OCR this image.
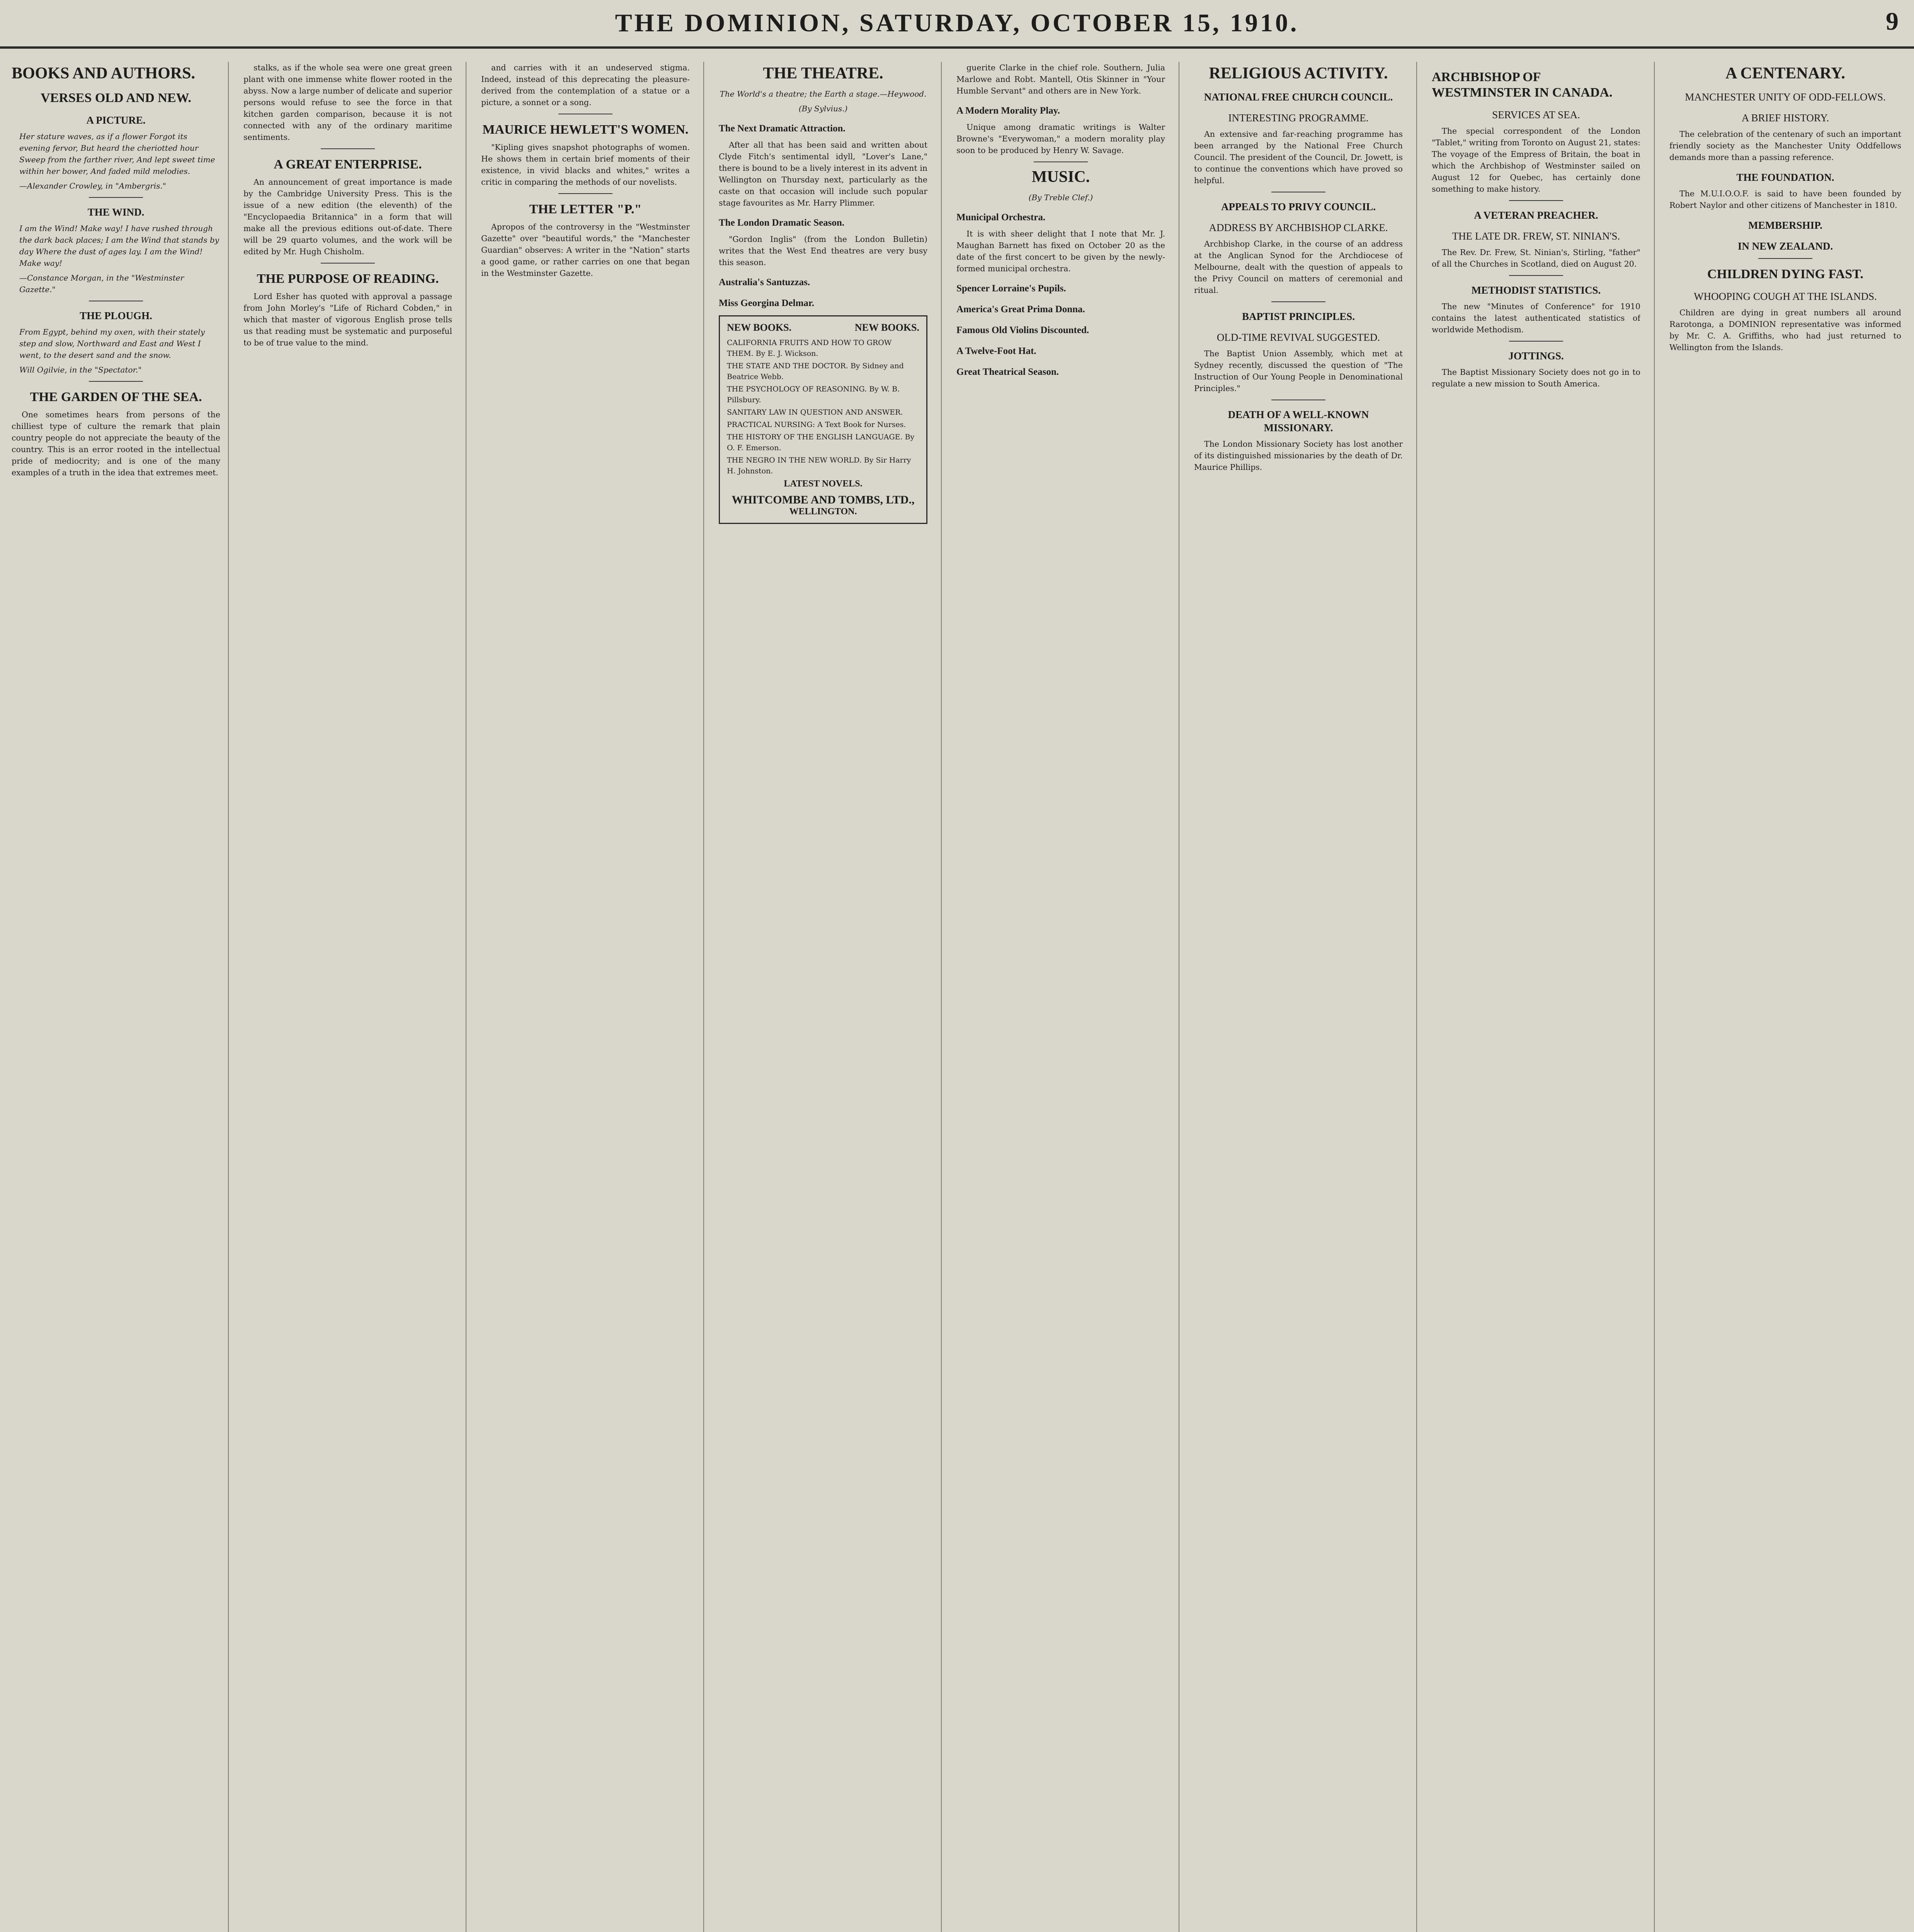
THE DOMINION, SATURDAY, OCTOBER 15, 1910.	9
BOOKS AND AUTHORS.
VERSES OLD AND NEW.
A PICTURE.
Her stature waves, as if a flower Forgot its evening fervor, But heard the cheriotted hour Sweep from the farther river, And lept sweet time within her bower, And faded mild melodies.
—Alexander Crowley, in "Ambergris."
THE WIND.
I am the Wind! Make way! I have rushed through the dark back places; I am the Wind that stands by day Where the dust of ages lay. I am the Wind! Make way!
—Constance Morgan, in the "Westminster Gazette."
THE PLOUGH.
From Egypt, behind my oxen, with their stately step and slow, Northward and East and West I went, to the desert sand and the snow.
Will Ogilvie, in the "Spectator."
THE GARDEN OF THE SEA.
One sometimes hears from persons of the chilliest type of culture the remark that plain country people do not appreciate the beauty of the country. This is an error rooted in the intellectual pride of mediocrity; and is one of the many examples of a truth in the idea that extremes meet.
stalks, as if the whole sea were one great green plant with one immense white flower rooted in the abyss. Now a large number of delicate and superior persons would refuse to see the force in that kitchen garden comparison, because it is not connected with any of the ordinary maritime sentiments.
A GREAT ENTERPRISE.
An announcement of great importance is made by the Cambridge University Press. This is the issue of a new edition (the eleventh) of the "Encyclopaedia Britannica" in a form that will make all the previous editions out-of-date. There will be 29 quarto volumes, and the work will be edited by Mr. Hugh Chisholm.
THE PURPOSE OF READING.
Lord Esher has quoted with approval a passage from John Morley's "Life of Richard Cobden," in which that master of vigorous English prose tells us that reading must be systematic and purposeful to be of true value to the mind.
and carries with it an undeserved stigma. Indeed, instead of this deprecating the pleasure-derived from the contemplation of a statue or a picture, a sonnet or a song.
MAURICE HEWLETT'S WOMEN.
"Kipling gives snapshot photographs of women. He shows them in certain brief moments of their existence, in vivid blacks and whites," writes a critic in comparing the methods of our novelists.
THE LETTER "P."
Apropos of the controversy in the "Westminster Gazette" over "beautiful words," the "Manchester Guardian" observes: A writer in the "Nation" starts a good game, or rather carries on one that began in the Westminster Gazette.
THE THEATRE.
The World's a theatre; the Earth a stage.—Heywood.
(By Sylvius.)
The Next Dramatic Attraction.
After all that has been said and written about Clyde Fitch's sentimental idyll, "Lover's Lane," there is bound to be a lively interest in its advent in Wellington on Thursday next, particularly as the caste on that occasion will include such popular stage favourites as Mr. Harry Plimmer.
The London Dramatic Season.
"Gordon Inglis" (from the London Bulletin) writes that the West End theatres are very busy this season.
Australia's Santuzzas.
Miss Georgina Delmar.
NEW BOOKS.	NEW BOOKS.
CALIFORNIA FRUITS AND HOW TO GROW THEM. By E. J. Wickson.
THE STATE AND THE DOCTOR. By Sidney and Beatrice Webb.
THE PSYCHOLOGY OF REASONING. By W. B. Pillsbury.
SANITARY LAW IN QUESTION AND ANSWER.
PRACTICAL NURSING: A Text Book for Nurses.
THE HISTORY OF THE ENGLISH LANGUAGE. By O. F. Emerson.
THE NEGRO IN THE NEW WORLD. By Sir Harry H. Johnston.
LATEST NOVELS.
WHITCOMBE AND TOMBS, LTD.,
WELLINGTON.
guerite Clarke in the chief role. Southern, Julia Marlowe and Robt. Mantell, Otis Skinner in "Your Humble Servant" and others are in New York.
A Modern Morality Play.
Unique among dramatic writings is Walter Browne's "Everywoman," a modern morality play soon to be produced by Henry W. Savage.
MUSIC.
(By Treble Clef.)
Municipal Orchestra.
It is with sheer delight that I note that Mr. J. Maughan Barnett has fixed on October 20 as the date of the first concert to be given by the newly-formed municipal orchestra.
Spencer Lorraine's Pupils.
America's Great Prima Donna.
Famous Old Violins Discounted.
A Twelve-Foot Hat.
Great Theatrical Season.
RELIGIOUS ACTIVITY.
NATIONAL FREE CHURCH COUNCIL.
INTERESTING PROGRAMME.
An extensive and far-reaching programme has been arranged by the National Free Church Council. The president of the Council, Dr. Jowett, is to continue the conventions which have proved so helpful.
APPEALS TO PRIVY COUNCIL.
ADDRESS BY ARCHBISHOP CLARKE.
Archbishop Clarke, in the course of an address at the Anglican Synod for the Archdiocese of Melbourne, dealt with the question of appeals to the Privy Council on matters of ceremonial and ritual.
BAPTIST PRINCIPLES.
OLD-TIME REVIVAL SUGGESTED.
The Baptist Union Assembly, which met at Sydney recently, discussed the question of "The Instruction of Our Young People in Denominational Principles."
DEATH OF A WELL-KNOWN MISSIONARY.
The London Missionary Society has lost another of its distinguished missionaries by the death of Dr. Maurice Phillips.
ARCHBISHOP OF WESTMINSTER IN CANADA.
SERVICES AT SEA.
The special correspondent of the London "Tablet," writing from Toronto on August 21, states: The voyage of the Empress of Britain, the boat in which the Archbishop of Westminster sailed on August 12 for Quebec, has certainly done something to make history.
A VETERAN PREACHER.
THE LATE DR. FREW, ST. NINIAN'S.
The Rev. Dr. Frew, St. Ninian's, Stirling, "father" of all the Churches in Scotland, died on August 20.
METHODIST STATISTICS.
The new "Minutes of Conference" for 1910 contains the latest authenticated statistics of worldwide Methodism.
JOTTINGS.
The Baptist Missionary Society does not go in to regulate a new mission to South America.
A CENTENARY.
MANCHESTER UNITY OF ODD-FELLOWS.
A BRIEF HISTORY.
The celebration of the centenary of such an important friendly society as the Manchester Unity Oddfellows demands more than a passing reference.
THE FOUNDATION.
The M.U.I.O.O.F. is said to have been founded by Robert Naylor and other citizens of Manchester in 1810.
MEMBERSHIP.
IN NEW ZEALAND.
CHILDREN DYING FAST.
WHOOPING COUGH AT THE ISLANDS.
Children are dying in great numbers all around Rarotonga, a DOMINION representative was informed by Mr. C. A. Griffiths, who had just returned to Wellington from the Islands.
